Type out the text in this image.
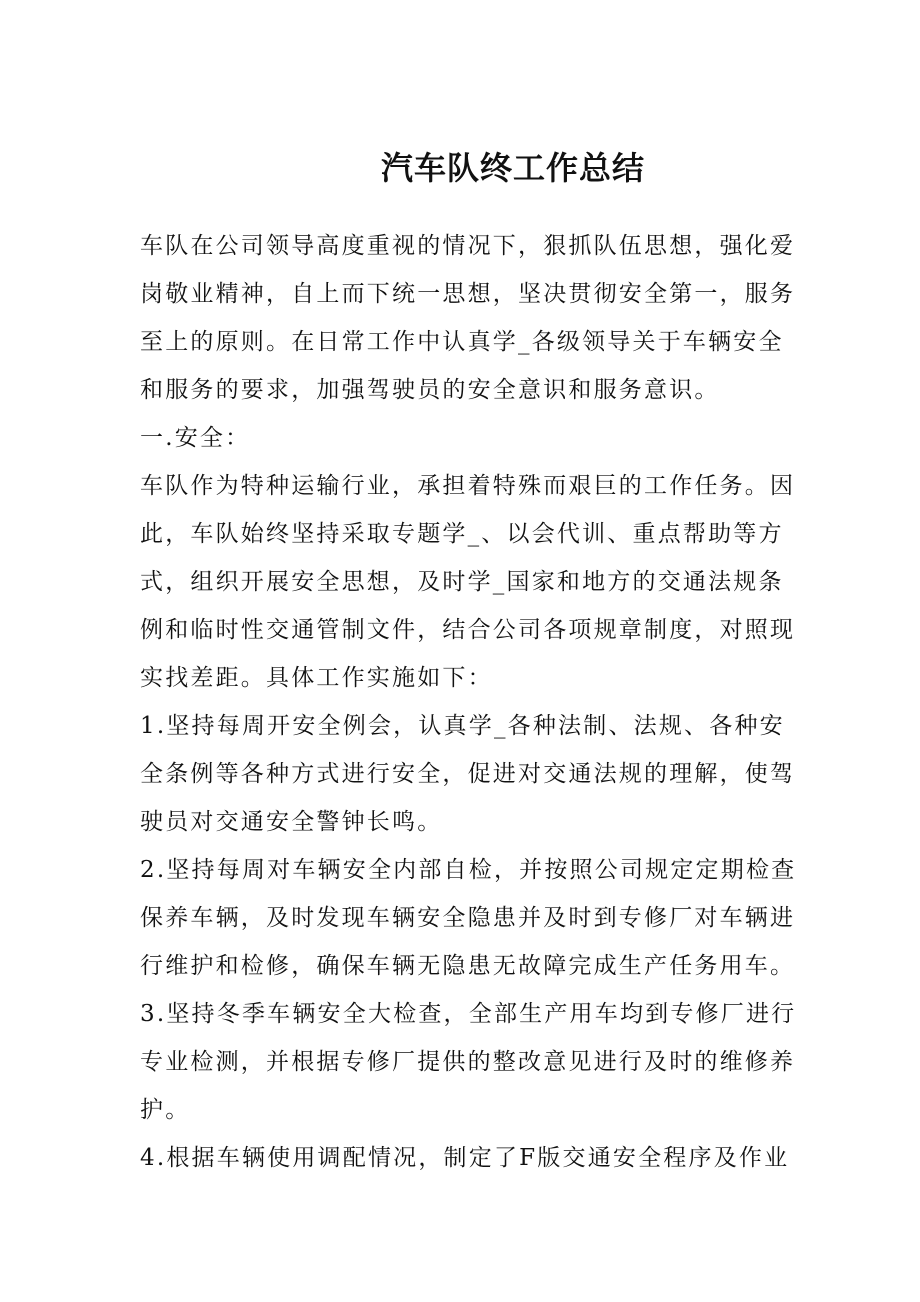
汽车队终工作总结
车队在公司领导高度重视的情况下，狠抓队伍思想，强化爱
岗敬业精神，自上而下统一思想，坚决贯彻安全第一，服务
至上的原则。在日常工作中认真学_各级领导关于车辆安全
和服务的要求，加强驾驶员的安全意识和服务意识。
一.安全：
车队作为特种运输行业，承担着特殊而艰巨的工作任务。因
此，车队始终坚持采取专题学_、以会代训、重点帮助等方
式，组织开展安全思想，及时学_国家和地方的交通法规条
例和临时性交通管制文件，结合公司各项规章制度，对照现
实找差距。具体工作实施如下：
1.坚持每周开安全例会，认真学_各种法制、法规、各种安
全条例等各种方式进行安全，促进对交通法规的理解，使驾
驶员对交通安全警钟长鸣。
2.坚持每周对车辆安全内部自检，并按照公司规定定期检查
保养车辆，及时发现车辆安全隐患并及时到专修厂对车辆进
行维护和检修，确保车辆无隐患无故障完成生产任务用车。
3.坚持冬季车辆安全大检查，全部生产用车均到专修厂进行
专业检测，并根据专修厂提供的整改意见进行及时的维修养
护。
4.根据车辆使用调配情况，制定了F版交通安全程序及作业
